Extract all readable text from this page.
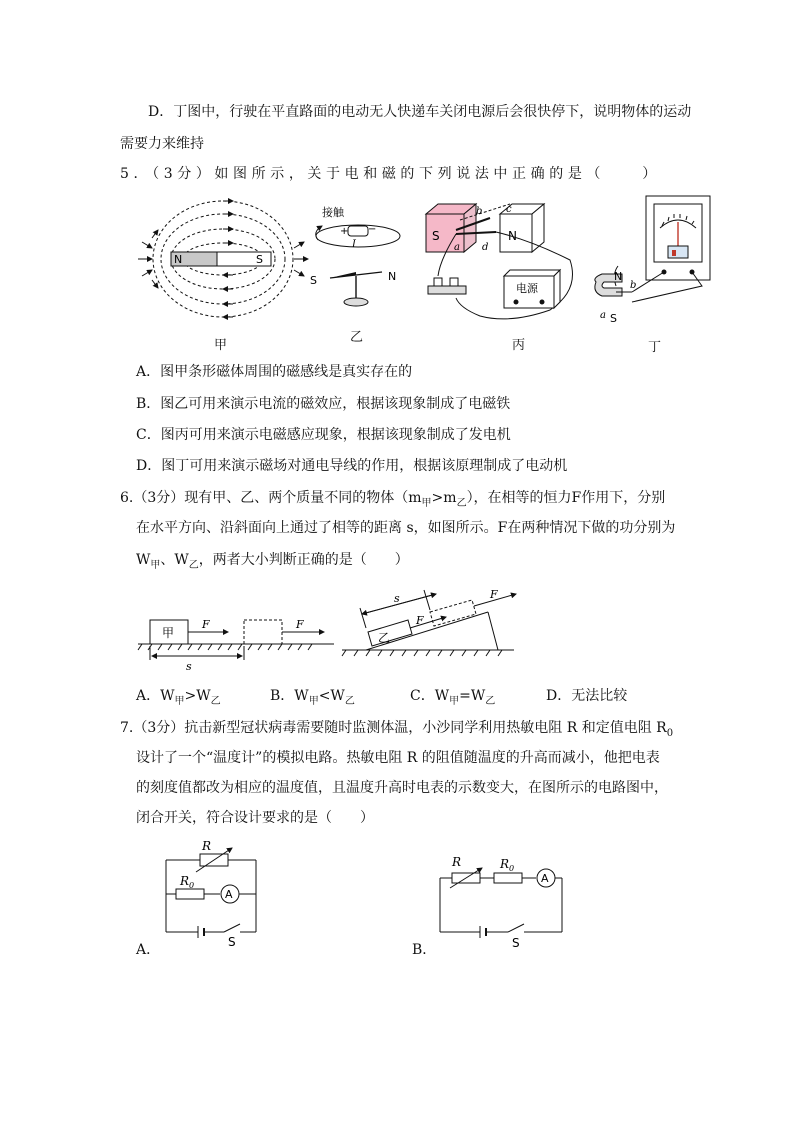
D．丁图中，行驶在平直路面的电动无人快递车关闭电源后会很快停下，说明物体的运动
需要力来维持
5．（3分）如图所示，关于电和磁的下列说法中正确的是（　　）
N	S
甲
接触
+ −
I
S	N
乙
S	N
a
b c
d
电源
丙
N
S
b
a
丁
A．图甲条形磁体周围的磁感线是真实存在的
B．图乙可用来演示电流的磁效应，根据该现象制成了电磁铁
C．图丙可用来演示电磁感应现象，根据该现象制成了发电机
D．图丁可用来演示磁场对通电导线的作用，根据该原理制成了电动机
6.（3分）现有甲、乙、两个质量不同的物体$(m_甲>m_乙)$，在相等的恒力F作用下，分别
在水平方向、沿斜面向上通过了相等的距离 s，如图所示。F在两种情况下做的功分别为
$W_甲$、$W_乙$，两者大小判断正确的是（　　）
甲
F	F
s
乙
F
F
s
A．$W_甲>W_乙$	B．$W_甲<W_乙$	C．$W_甲=W_乙$	D．无法比较
7.（3分）抗击新型冠状病毒需要随时监测体温，小沙同学利用热敏电阻 R 和定值电阻 $R_0$
设计了一个“温度计”的模拟电路。热敏电阻 R 的阻值随温度的升高而减小，他把电表
的刻度值都改为相应的温度值，且温度升高时电表的示数变大，在图所示的电路图中，
闭合开关，符合设计要求的是（　　）
A．
R
$R_0$
A
S	B．
R	$R_0$
A
S
